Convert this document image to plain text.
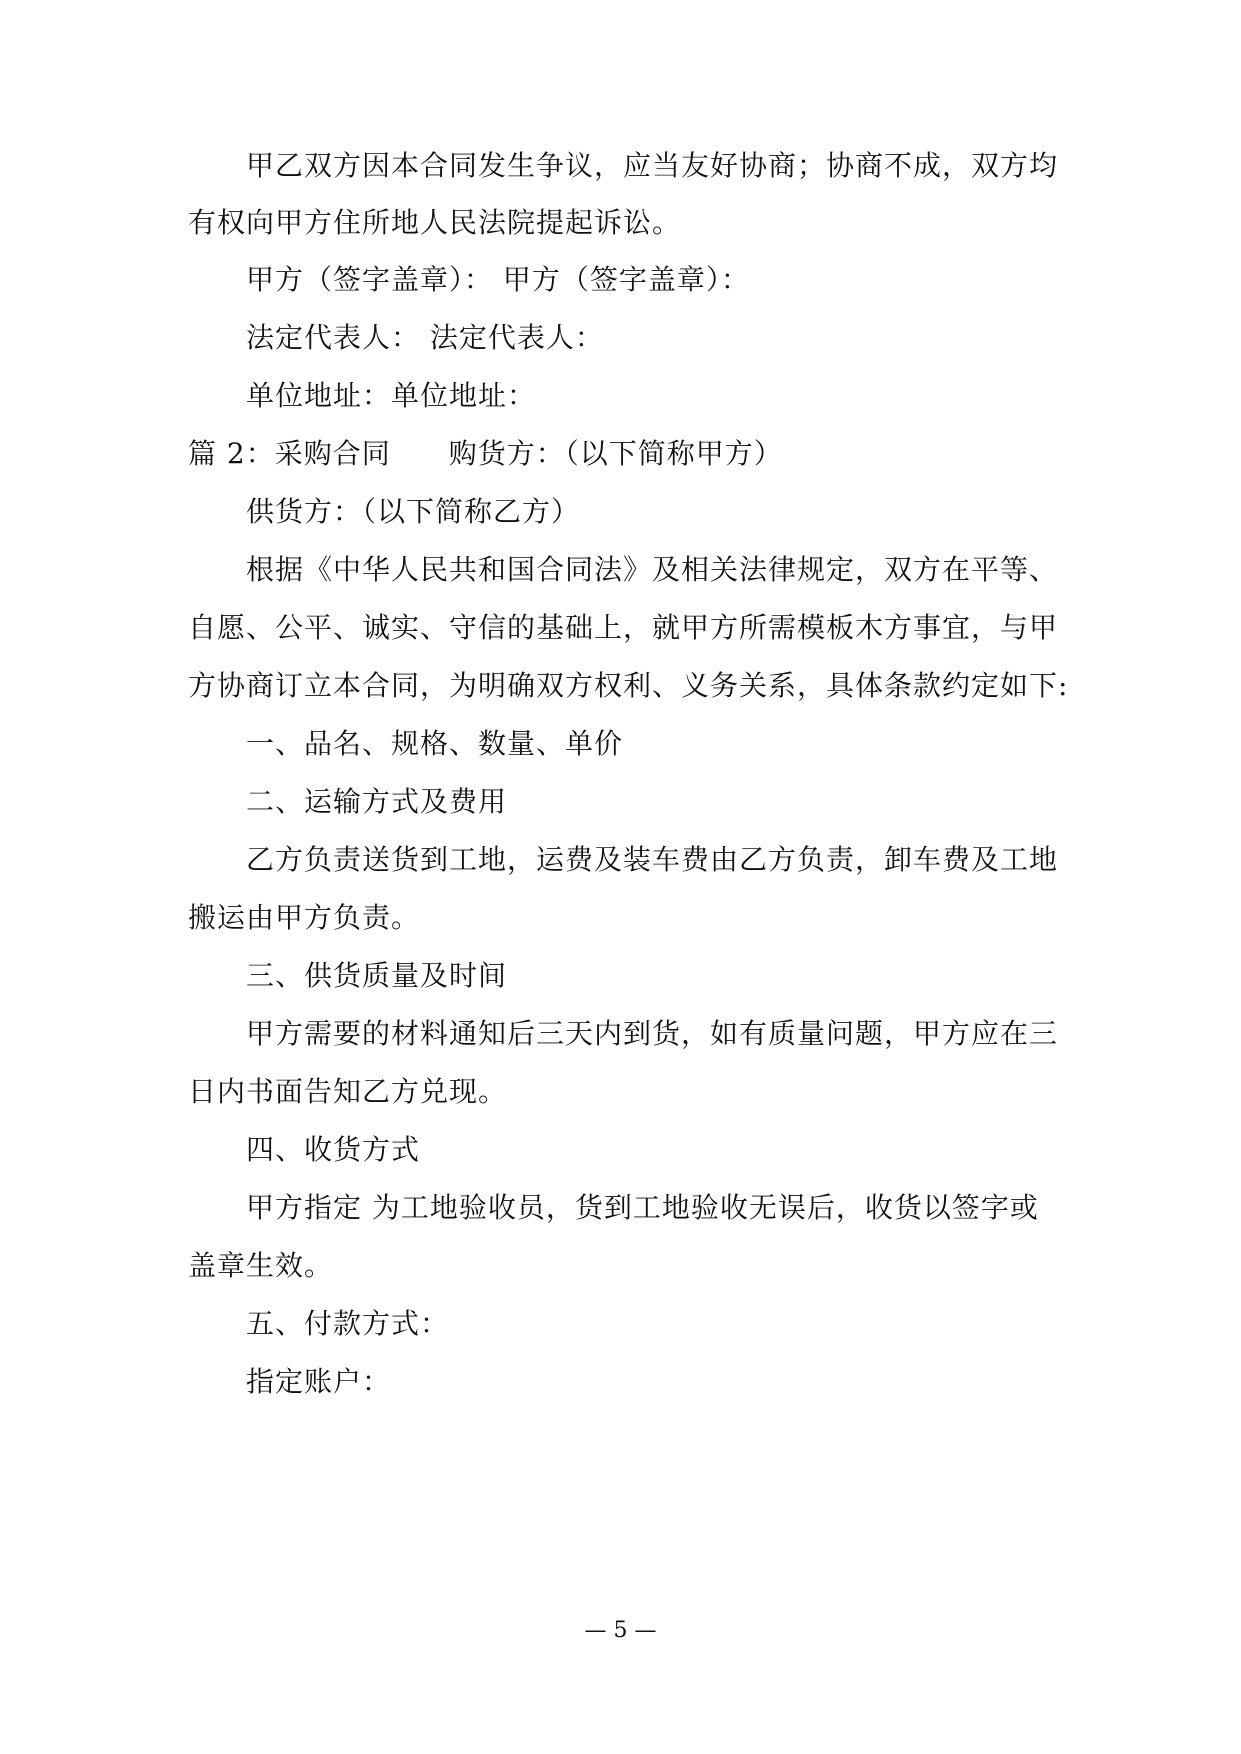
甲乙双方因本合同发生争议，应当友好协商；协商不成，双方均
有权向甲方住所地人民法院提起诉讼。
甲方（签字盖章）： 甲方（签字盖章）：
法定代表人： 法定代表人：
单位地址：单位地址：
篇 2：采购合同 购货方：（以下简称甲方）
供货方：（以下简称乙方）
根据《中华人民共和国合同法》及相关法律规定，双方在平等、
自愿、公平、诚实、守信的基础上，就甲方所需模板木方事宜，与甲
方协商订立本合同，为明确双方权利、义务关系，具体条款约定如下:
一、品名、规格、数量、单价
二、运输方式及费用
乙方负责送货到工地，运费及装车费由乙方负责，卸车费及工地
搬运由甲方负责。
三、供货质量及时间
甲方需要的材料通知后三天内到货，如有质量问题，甲方应在三
日内书面告知乙方兑现。
四、收货方式
甲方指定 为工地验收员，货到工地验收无误后，收货以签字或
盖章生效。
五、付款方式：
指定账户：
— 5 —
